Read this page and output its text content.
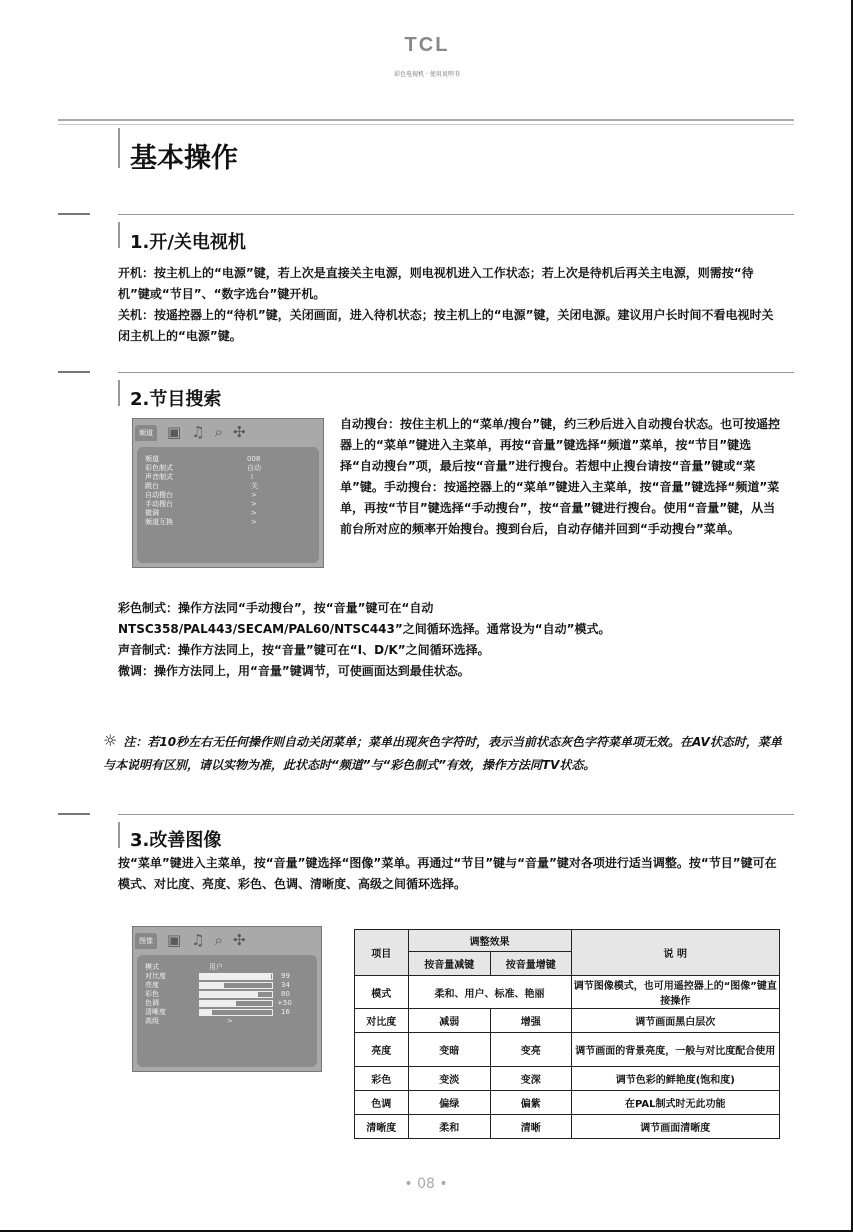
TCL
彩色电视机 · 使用说明书
基本操作
1.开/关电视机

开机：按主机上的“电源”键，若上次是直接关主电源，则电视机进入工作状态；若上次是待机后再关主电源，则需按“待机”键或“节目”、“数字选台”键开机。

关机：按遥控器上的“待机”键，关闭画面，进入待机状态；按主机上的“电源”键，关闭电源。建议用户长时间不看电视时关闭主机上的“电源”键。

2.节目搜索
频道 ▣ ♫ ⌕ ✣
频道	008
彩色制式	自动
声音制式	I
跳台	关
自动搜台	>
手动搜台	>
微调	>
频道互换	>
自动搜台：按住主机上的“菜单/搜台”键，约三秒后进入自动搜台状态。也可按遥控器上的“菜单”键进入主菜单，再按“音量”键选择“频道”菜单，按“节目”键选择“自动搜台”项，最后按“音量”进行搜台。若想中止搜台请按“音量”键或“菜单”键。手动搜台：按遥控器上的“菜单”键进入主菜单，按“音量”键选择“频道”菜单，再按“节目”键选择“手动搜台”，按“音量”键进行搜台。使用“音量”键，从当前台所对应的频率开始搜台。搜到台后，自动存储并回到“手动搜台”菜单。

彩色制式：操作方法同“手动搜台”，按“音量”键可在“自动

NTSC358/PAL443/SECAM/PAL60/NTSC443”之间循环选择。通常设为“自动”模式。

声音制式：操作方法同上，按“音量”键可在“I、D/K”之间循环选择。

微调：操作方法同上，用“音量”键调节，可使画面达到最佳状态。

☼ 注：若10秒左右无任何操作则自动关闭菜单；菜单出现灰色字符时，表示当前状态灰色字符菜单项无效。在AV状态时，菜单与本说明有区别，请以实物为准，此状态时“频道”与“彩色制式”有效，操作方法同TV状态。
3.改善图像
按“菜单”键进入主菜单，按“音量”键选择“图像”菜单。再通过“节目”键与“音量”键对各项进行适当调整。按“节目”键可在模式、对比度、亮度、彩色、色调、清晰度、高级之间循环选择。
图像 ▣ ♫ ⌕ ✣
模式	用户
对比度	99
亮度	34
彩色	80
色调	+50
清晰度	16
高级	>
项目	调整效果		说 明
	按音量减键	按音量增键	
模式	柔和、用户、标准、艳丽		调节图像模式，也可用遥控器上的“图像”键直接操作
对比度	减弱	增强	调节画面黑白层次
亮度	变暗	变亮	调节画面的背景亮度，一般与对比度配合使用
彩色	变淡	变深	调节色彩的鲜艳度(饱和度)
色调	偏绿	偏紫	在PAL制式时无此功能
清晰度	柔和	清晰	调节画面清晰度
• 08 •
